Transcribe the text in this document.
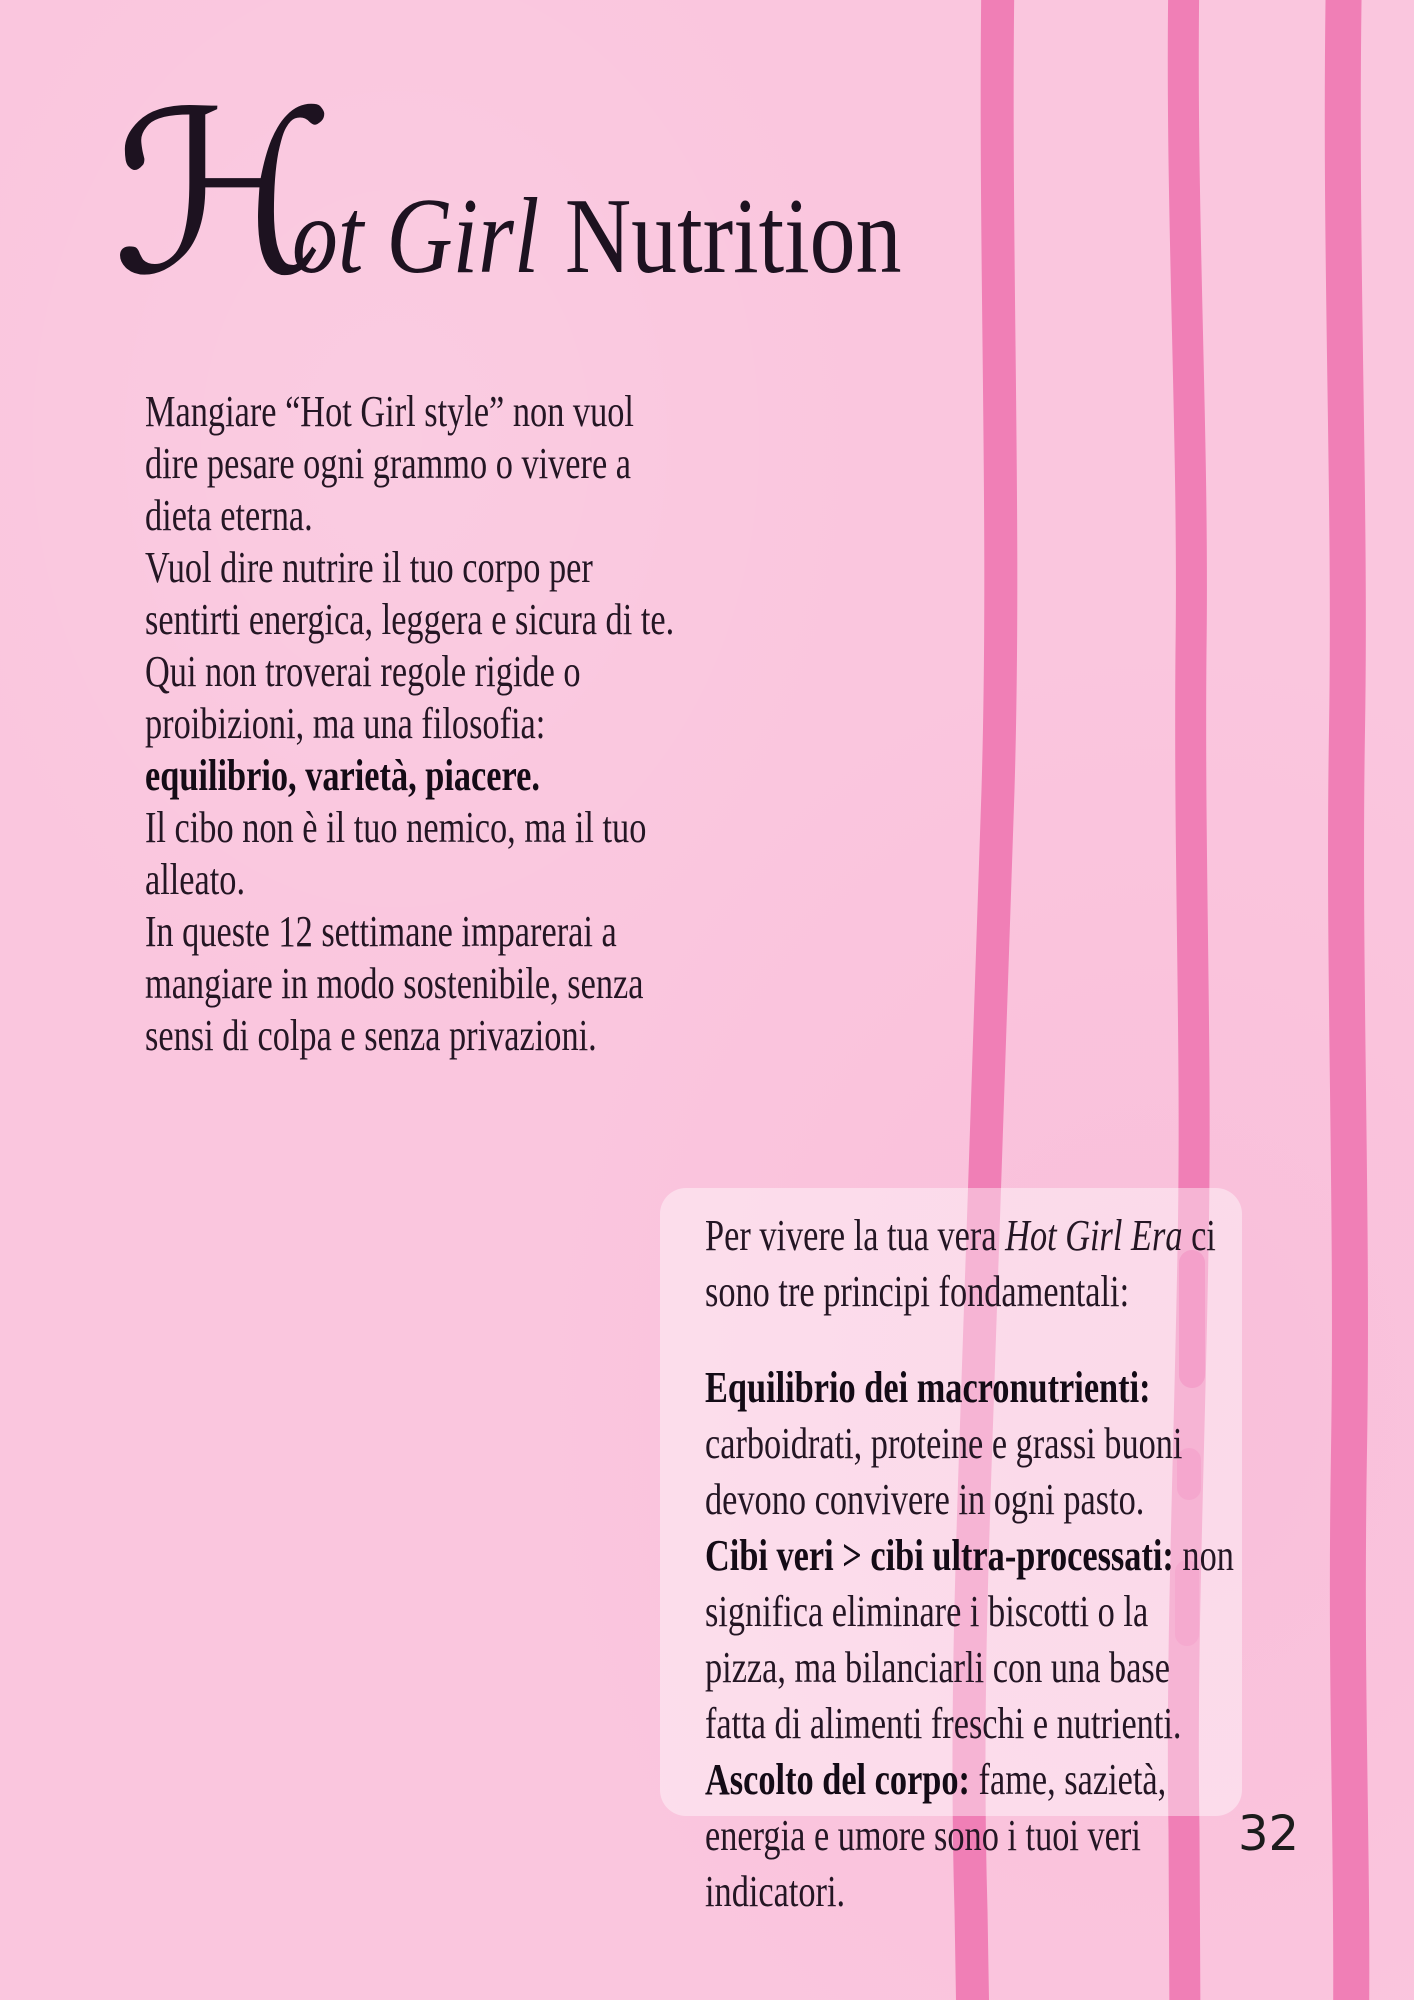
ℋot Girl Nutrition
Mangiare “Hot Girl style” non vuol
dire pesare ogni grammo o vivere a
dieta eterna.
Vuol dire nutrire il tuo corpo per
sentirti energica, leggera e sicura di te.
Qui non troverai regole rigide o
proibizioni, ma una filosofia:
equilibrio, varietà, piacere.
Il cibo non è il tuo nemico, ma il tuo
alleato.
In queste 12 settimane imparerai a
mangiare in modo sostenibile, senza
sensi di colpa e senza privazioni.
Per vivere la tua vera Hot Girl Era ci
sono tre principi fondamentali:
Equilibrio dei macronutrienti:
carboidrati, proteine e grassi buoni
devono convivere in ogni pasto.
Cibi veri > cibi ultra-processati: non
significa eliminare i biscotti o la
pizza, ma bilanciarli con una base
fatta di alimenti freschi e nutrienti.
Ascolto del corpo: fame, sazietà,
energia e umore sono i tuoi veri
indicatori.
32
